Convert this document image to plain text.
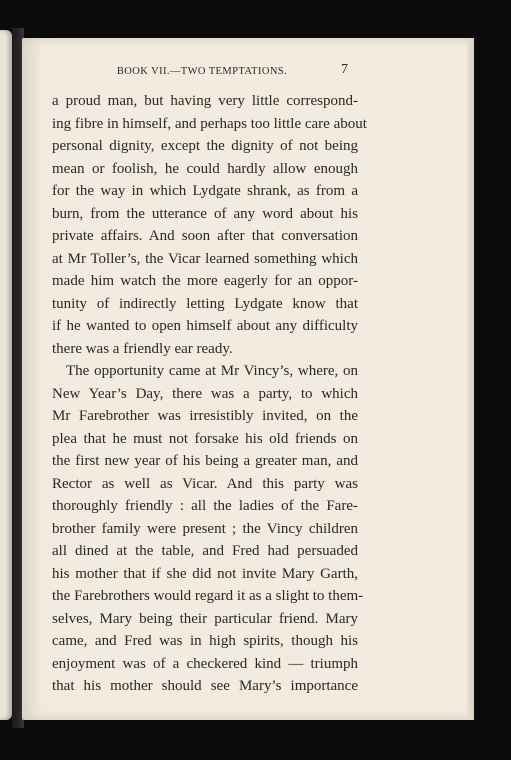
BOOK VII.—TWO TEMPTATIONS.	7
a proud man, but having very little correspond-
ing fibre in himself, and perhaps too little care about
personal dignity, except the dignity of not being
mean or foolish, he could hardly allow enough
for the way in which Lydgate shrank, as from a
burn, from the utterance of any word about his
private affairs. And soon after that conversation
at Mr Toller’s, the Vicar learned something which
made him watch the more eagerly for an oppor-
tunity of indirectly letting Lydgate know that
if he wanted to open himself about any difficulty
there was a friendly ear ready.
The opportunity came at Mr Vincy’s, where, on
New Year’s Day, there was a party, to which
Mr Farebrother was irresistibly invited, on the
plea that he must not forsake his old friends on
the first new year of his being a greater man, and
Rector as well as Vicar. And this party was
thoroughly friendly : all the ladies of the Fare-
brother family were present ; the Vincy children
all dined at the table, and Fred had persuaded
his mother that if she did not invite Mary Garth,
the Farebrothers would regard it as a slight to them-
selves, Mary being their particular friend. Mary
came, and Fred was in high spirits, though his
enjoyment was of a checkered kind — triumph
that his mother should see Mary’s importance
